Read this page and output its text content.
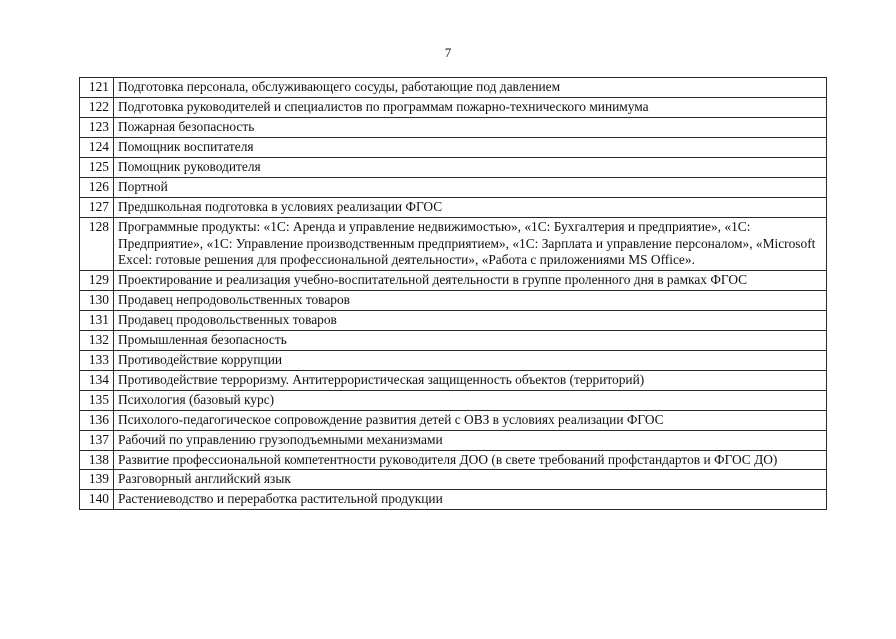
7
121	Подготовка персонала, обслуживающего сосуды, работающие под давлением
122	Подготовка руководителей и специалистов по программам пожарно-технического минимума
123	Пожарная безопасность
124	Помощник воспитателя
125	Помощник руководителя
126	Портной
127	Предшкольная подготовка в условиях реализации ФГОС
128	Программные продукты: «1С: Аренда и управление недвижимостью», «1С: Бухгалтерия и предприятие», «1С: Предприятие», «1С: Управление производственным предприятием», «1С: Зарплата и управление персоналом», «Microsoft Excel: готовые решения для профессиональной деятельности», «Работа с приложениями MS Office».
129	Проектирование и реализация учебно-воспитательной деятельности в группе проленного дня в рамках ФГОС
130	Продавец непродовольственных товаров
131	Продавец продовольственных товаров
132	Промышленная безопасность
133	Противодействие коррупции
134	Противодействие терроризму. Антитеррористическая защищенность объектов (территорий)
135	Психология (базовый курс)
136	Психолого-педагогическое сопровождение развития детей с ОВЗ в условиях реализации ФГОС
137	Рабочий по управлению грузоподъемными механизмами
138	Развитие профессиональной компетентности руководителя ДОО (в свете требований профстандартов и ФГОС ДО)
139	Разговорный английский язык
140	Растениеводство и переработка растительной продукции
